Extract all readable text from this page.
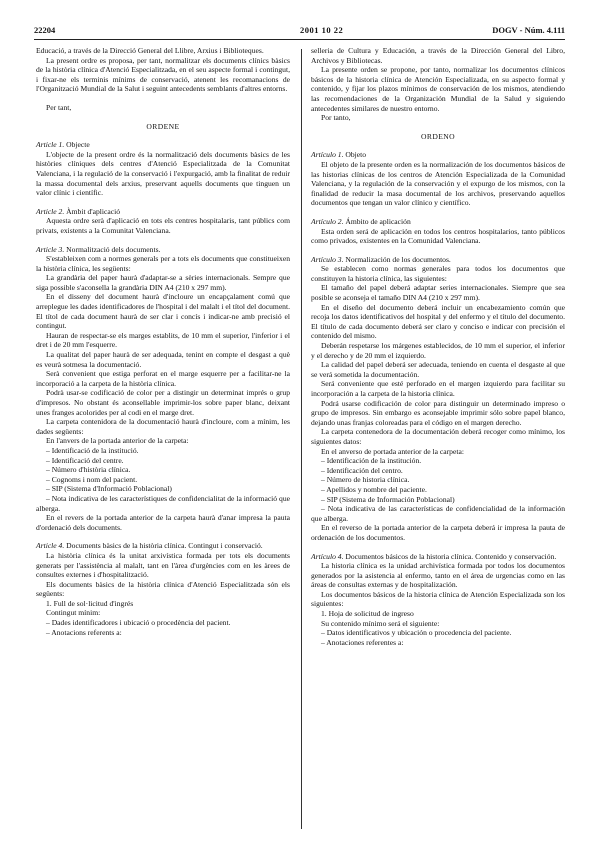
22204	2001 10 22	DOGV - Núm. 4.111

Educació, a través de la Direcció General del Llibre, Arxius i Biblioteques.

La present ordre es proposa, per tant, normalitzar els documents clínics bàsics de la història clínica d'Atenció Especialitzada, en el seu aspecte formal i contingut, i fixar-ne els terminis mínims de conservació, atenent les recomanacions de l'Organització Mundial de la Salut i seguint antecedents semblants d'altres entorns.

Per tant,

ORDENE

Article 1. Objecte

L'objecte de la present ordre és la normalització dels documents bàsics de les històries clíniques dels centres d'Atenció Especialitzada de la Comunitat Valenciana, i la regulació de la conservació i l'expurgació, amb la finalitat de reduir la massa documental dels arxius, preservant aquells documents que tinguen un valor clínic i científic.

Article 2. Àmbit d'aplicació

Aquesta ordre serà d'aplicació en tots els centres hospitalaris, tant públics com privats, existents a la Comunitat Valenciana.

Article 3. Normalització dels documents.

S'estableixen com a normes generals per a tots els documents que constitueixen la història clínica, les següents:

La grandària del paper haurà d'adaptar-se a sèries internacionals. Sempre que siga possible s'aconsella la grandària DIN A4 (210 x 297 mm).

En el disseny del document haurà d'incloure un encapçalament comú que arreplegue les dades identificadores de l'hospital i del malalt i el títol del document. El títol de cada document haurà de ser clar i concís i indicar-ne amb precisió el contingut.

Hauran de respectar-se els marges establits, de 10 mm el superior, l'inferior i el dret i de 20 mm l'esquerre.

La qualitat del paper haurà de ser adequada, tenint en compte el desgast a què es veurà sotmesa la documentació.

Serà convenient que estiga perforat en el marge esquerre per a facilitar-ne la incorporació a la carpeta de la història clínica.

Podrà usar-se codificació de color per a distingir un determinat imprés o grup d'impresos. No obstant és aconsellable imprimir-los sobre paper blanc, deixant unes franges acolorides per al codi en el marge dret.

La carpeta contenidora de la documentació haurà d'incloure, com a mínim, les dades següents:

En l'anvers de la portada anterior de la carpeta:

– Identificació de la institució.

– Identificació del centre.

– Número d'història clínica.

– Cognoms i nom del pacient.

– SIP (Sistema d'Informació Poblacional)

– Nota indicativa de les característiques de confidencialitat de la informació que alberga.

En el revers de la portada anterior de la carpeta haurà d'anar impresa la pauta d'ordenació dels documents.

Article 4. Documents bàsics de la història clínica. Contingut i conservació.

La història clínica és la unitat arxivística formada per tots els documents generats per l'assistència al malalt, tant en l'àrea d'urgències com en les àrees de consultes externes i d'hospitalització.

Els documents bàsics de la història clínica d'Atenció Especialitzada són els següents:

1. Full de sol·licitud d'ingrés

Contingut mínim:

– Dades identificadores i ubicació o procedència del pacient.

– Anotacions referents a:

selleria de Cultura y Educación, a través de la Dirección General del Libro, Archivos y Bibliotecas.

La presente orden se propone, por tanto, normalizar los documentos clínicos básicos de la historia clínica de Atención Especializada, en su aspecto formal y contenido, y fijar los plazos mínimos de conservación de los mismos, atendiendo las recomendaciones de la Organización Mundial de la Salud y siguiendo antecedentes similares de nuestro entorno.

Por tanto,

ORDENO

Artículo 1. Objeto

El objeto de la presente orden es la normalización de los documentos básicos de las historias clínicas de los centros de Atención Especializada de la Comunidad Valenciana, y la regulación de la conservación y el expurgo de los mismos, con la finalidad de reducir la masa documental de los archivos, preservando aquellos documentos que tengan un valor clínico y científico.

Artículo 2. Ámbito de aplicación

Esta orden será de aplicación en todos los centros hospitalarios, tanto públicos como privados, existentes en la Comunidad Valenciana.

Artículo 3. Normalización de los documentos.

Se establecen como normas generales para todos los documentos que constituyen la historia clínica, las siguientes:

El tamaño del papel deberá adaptar series internacionales. Siempre que sea posible se aconseja el tamaño DIN A4 (210 x 297 mm).

En el diseño del documento deberá incluir un encabezamiento común que recoja los datos identificativos del hospital y del enfermo y el título del documento. El título de cada documento deberá ser claro y conciso e indicar con precisión el contenido del mismo.

Deberán respetarse los márgenes establecidos, de 10 mm el superior, el inferior y el derecho y de 20 mm el izquierdo.

La calidad del papel deberá ser adecuada, teniendo en cuenta el desgaste al que se verá sometida la documentación.

Será conveniente que esté perforado en el margen izquierdo para facilitar su incorporación a la carpeta de la historia clínica.

Podrá usarse codificación de color para distinguir un determinado impreso o grupo de impresos. Sin embargo es aconsejable imprimir sólo sobre papel blanco, dejando unas franjas coloreadas para el código en el margen derecho.

La carpeta contenedora de la documentación deberá recoger como mínimo, los siguientes datos:

En el anverso de portada anterior de la carpeta:

– Identificación de la institución.

– Identificación del centro.

– Número de historia clínica.

– Apellidos y nombre del paciente.

– SIP (Sistema de Información Poblacional)

– Nota indicativa de las características de confidencialidad de la información que alberga.

En el reverso de la portada anterior de la carpeta deberá ir impresa la pauta de ordenación de los documentos.

Artículo 4. Documentos básicos de la historia clínica. Contenido y conservación.

La historia clínica es la unidad archivística formada por todos los documentos generados por la asistencia al enfermo, tanto en el área de urgencias como en las áreas de consultas externas y de hospitalización.

Los documentos básicos de la historia clínica de Atención Especializada son los siguientes:

1. Hoja de solicitud de ingreso

Su contenido mínimo será el siguiente:

– Datos identificativos y ubicación o procedencia del paciente.

– Anotaciones referentes a:
